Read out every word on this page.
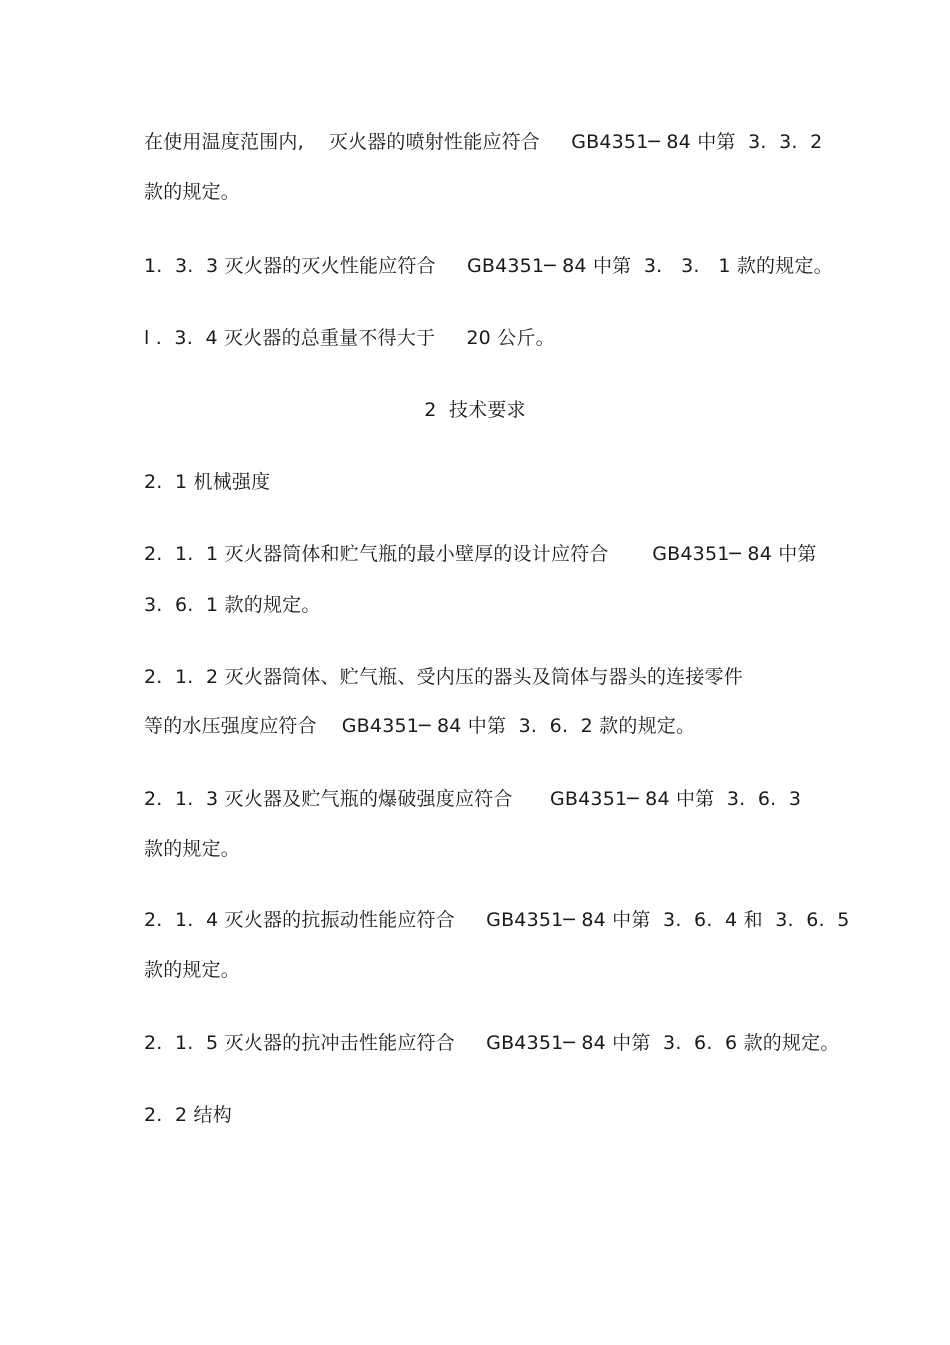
在使用温度范围内,    灭火器的喷射性能应符合     GB4351─ 84 中第  3.  3.  2
款的规定。
1.  3.  3 灭火器的灭火性能应符合     GB4351─ 84 中第  3.   3.   1 款的规定。
l .  3.  4 灭火器的总重量不得大于     20 公斤。
2  技术要求
2.  1 机械强度
2.  1.  1 灭火器筒体和贮气瓶的最小壁厚的设计应符合       GB4351─ 84 中第
3.  6.  1 款的规定。
2.  1.  2 灭火器筒体、贮气瓶、受内压的器头及筒体与器头的连接零件
等的水压强度应符合    GB4351─ 84 中第  3.  6.  2 款的规定。
2.  1.  3 灭火器及贮气瓶的爆破强度应符合      GB4351─ 84 中第  3.  6.  3
款的规定。
2.  1.  4 灭火器的抗振动性能应符合     GB4351─ 84 中第  3.  6.  4 和  3.  6.  5
款的规定。
2.  1.  5 灭火器的抗冲击性能应符合     GB4351─ 84 中第  3.  6.  6 款的规定。
2.  2 结构
